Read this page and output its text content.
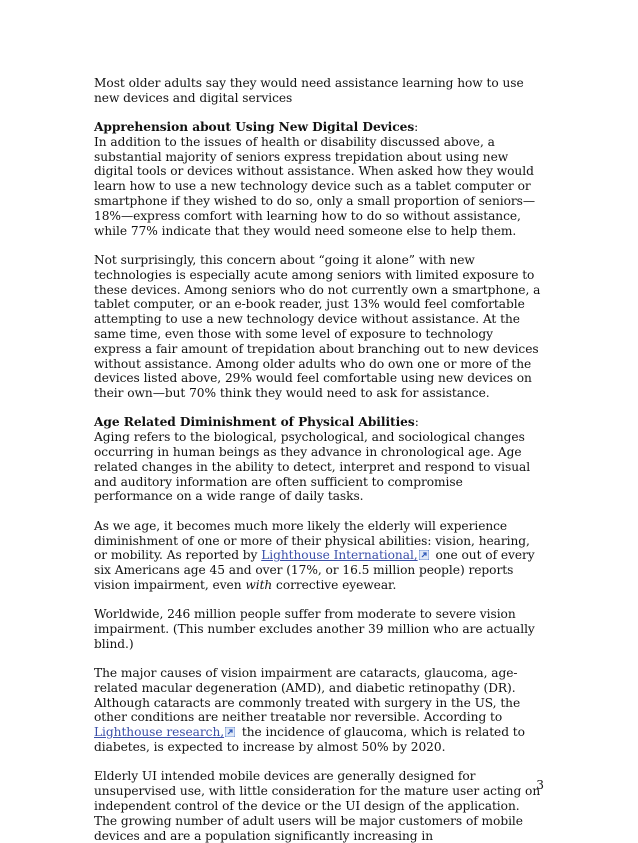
Most older adults say they would need assistance learning how to use new devices and digital services

Apprehension about Using New Digital Devices:
In addition to the issues of health or disability discussed above, a substantial majority of seniors express trepidation about using new digital tools or devices without assistance. When asked how they would learn how to use a new technology device such as a tablet computer or smartphone if they wished to do so, only a small proportion of seniors—18%—express comfort with learning how to do so without assistance, while 77% indicate that they would need someone else to help them.

Not surprisingly, this concern about “going it alone” with new technologies is especially acute among seniors with limited exposure to these devices. Among seniors who do not currently own a smartphone, a tablet computer, or an e-book reader, just 13% would feel comfortable attempting to use a new technology device without assistance. At the same time, even those with some level of exposure to technology express a fair amount of trepidation about branching out to new devices without assistance. Among older adults who do own one or more of the devices listed above, 29% would feel comfortable using new devices on their own—but 70% think they would need to ask for assistance.

Age Related Diminishment of Physical Abilities:
Aging refers to the biological, psychological, and sociological changes occurring in human beings as they advance in chronological age. Age related changes in the ability to detect, interpret and respond to visual and auditory information are often sufficient to compromise performance on a wide range of daily tasks.

As we age, it becomes much more likely the elderly will experience diminishment of one or more of their physical abilities: vision, hearing, or mobility. As reported by Lighthouse International,
one out of every six Americans age 45 and over (17%, or 16.5 million people) reports vision impairment, even with corrective eyewear.

Worldwide, 246 million people suffer from moderate to severe vision impairment. (This number excludes another 39 million who are actually blind.)

The major causes of vision impairment are cataracts, glaucoma, age-related macular degeneration (AMD), and diabetic retinopathy (DR). Although cataracts are commonly treated with surgery in the US, the other conditions are neither treatable nor reversible. According to Lighthouse research,
the incidence of glaucoma, which is related to diabetes, is expected to increase by almost 50% by 2020.

Elderly UI intended mobile devices are generally designed for unsupervised use, with little consideration for the mature user acting on independent control of the device or the UI design of the application. The growing number of adult users will be major customers of mobile devices and are a population significantly increasing in

3
